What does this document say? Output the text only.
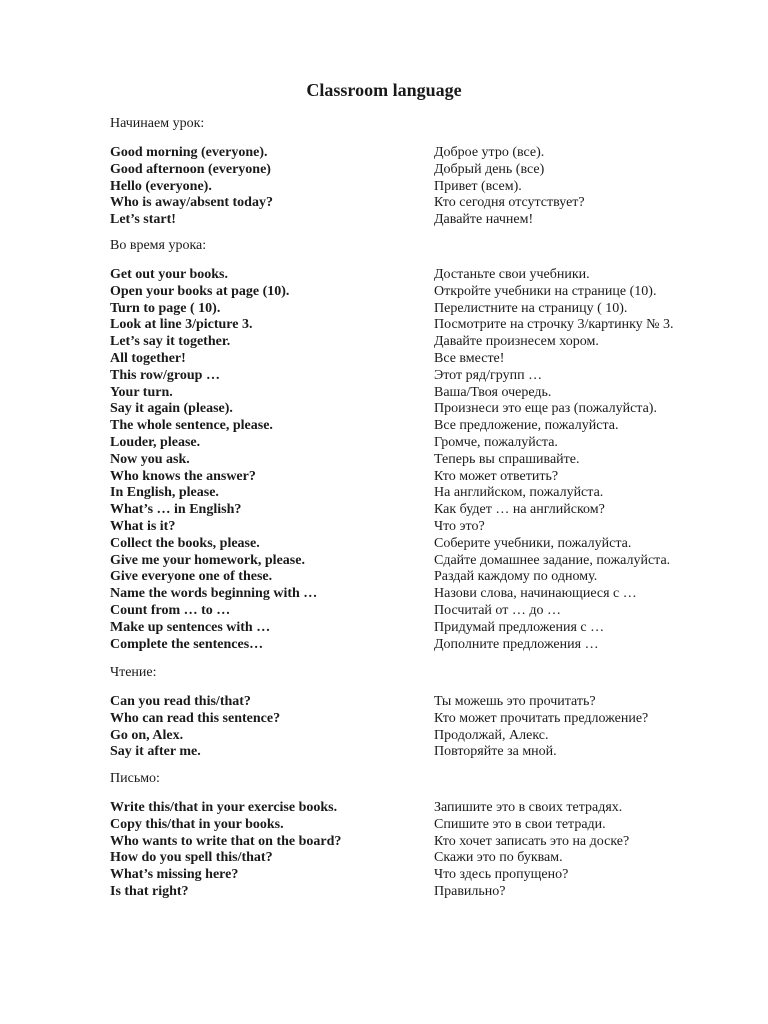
Classroom language
Начинаем урок:
Good morning (everyone).	Доброе утро (все).
Good afternoon (everyone)	Добрый день (все)
Hello (everyone).	Привет (всем).
Who is away/absent today?	Кто сегодня отсутствует?
Let’s start!	Давайте начнем!
Во время урока:
Get out your books.	Достаньте свои учебники.
Open your books at page (10).	Откройте учебники на странице (10).
Turn to page ( 10).	Перелистните на страницу ( 10).
Look at line 3/picture 3.	Посмотрите на строчку 3/картинку № 3.
Let’s say it together.	Давайте произнесем хором.
All together!	Все вместе!
This row/group …	Этот ряд/групп …
Your turn.	Ваша/Твоя очередь.
Say it again (please).	Произнеси это еще раз (пожалуйста).
The whole sentence, please.	Все предложение, пожалуйста.
Louder, please.	Громче, пожалуйста.
Now you ask.	Теперь вы спрашивайте.
Who knows the answer?	Кто может ответить?
In English, please.	На английском, пожалуйста.
What’s … in English?	Как будет … на английском?
What is it?	Что это?
Collect the books, please.	Соберите учебники, пожалуйста.
Give me your homework, please.	Сдайте домашнее задание, пожалуйста.
Give everyone one of these.	Раздай каждому по одному.
Name the words beginning with …	Назови слова, начинающиеся с …
Count from … to …	Посчитай от … до …
Make up sentences with …	Придумай предложения с …
Complete the sentences…	Дополните предложения …
Чтение:
Can you read this/that?	Ты можешь это прочитать?
Who can read this sentence?	Кто может прочитать предложение?
Go on, Alex.	Продолжай, Алекс.
Say it after me.	Повторяйте за мной.
Письмо:
Write this/that in your exercise books.	Запишите это в своих тетрадях.
Copy this/that in your books.	Спишите это в свои тетради.
Who wants to write that on the board?	Кто хочет записать это на доске?
How do you spell this/that?	Скажи это по буквам.
What’s missing here?	Что здесь пропущено?
Is that right?	Правильно?
